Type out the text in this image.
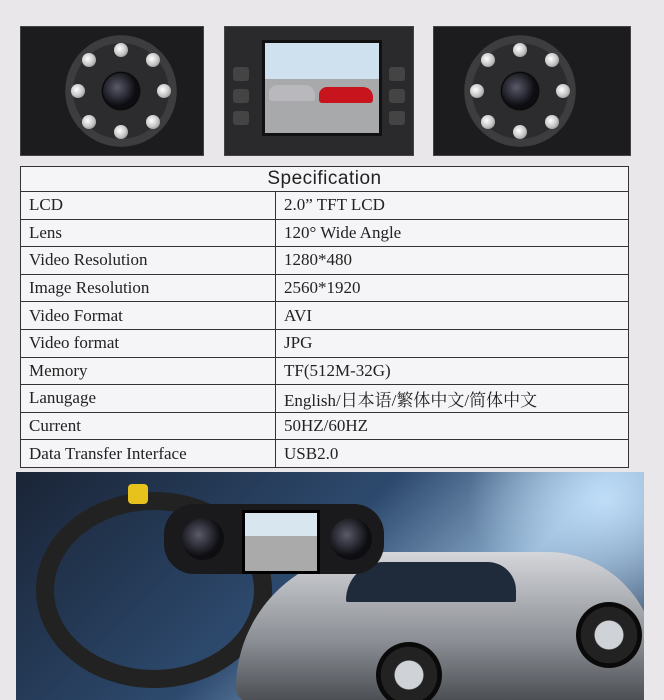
Specification	
LCD	2.0” TFT LCD
Lens	120° Wide Angle
Video Resolution	1280*480
Image Resolution	2560*1920
Video Format	AVI
Video format	JPG
Memory	TF(512M-32G)
Lanugage	English/日本语/繁体中文/简体中文
Current	50HZ/60HZ
Data Transfer Interface	USB2.0
